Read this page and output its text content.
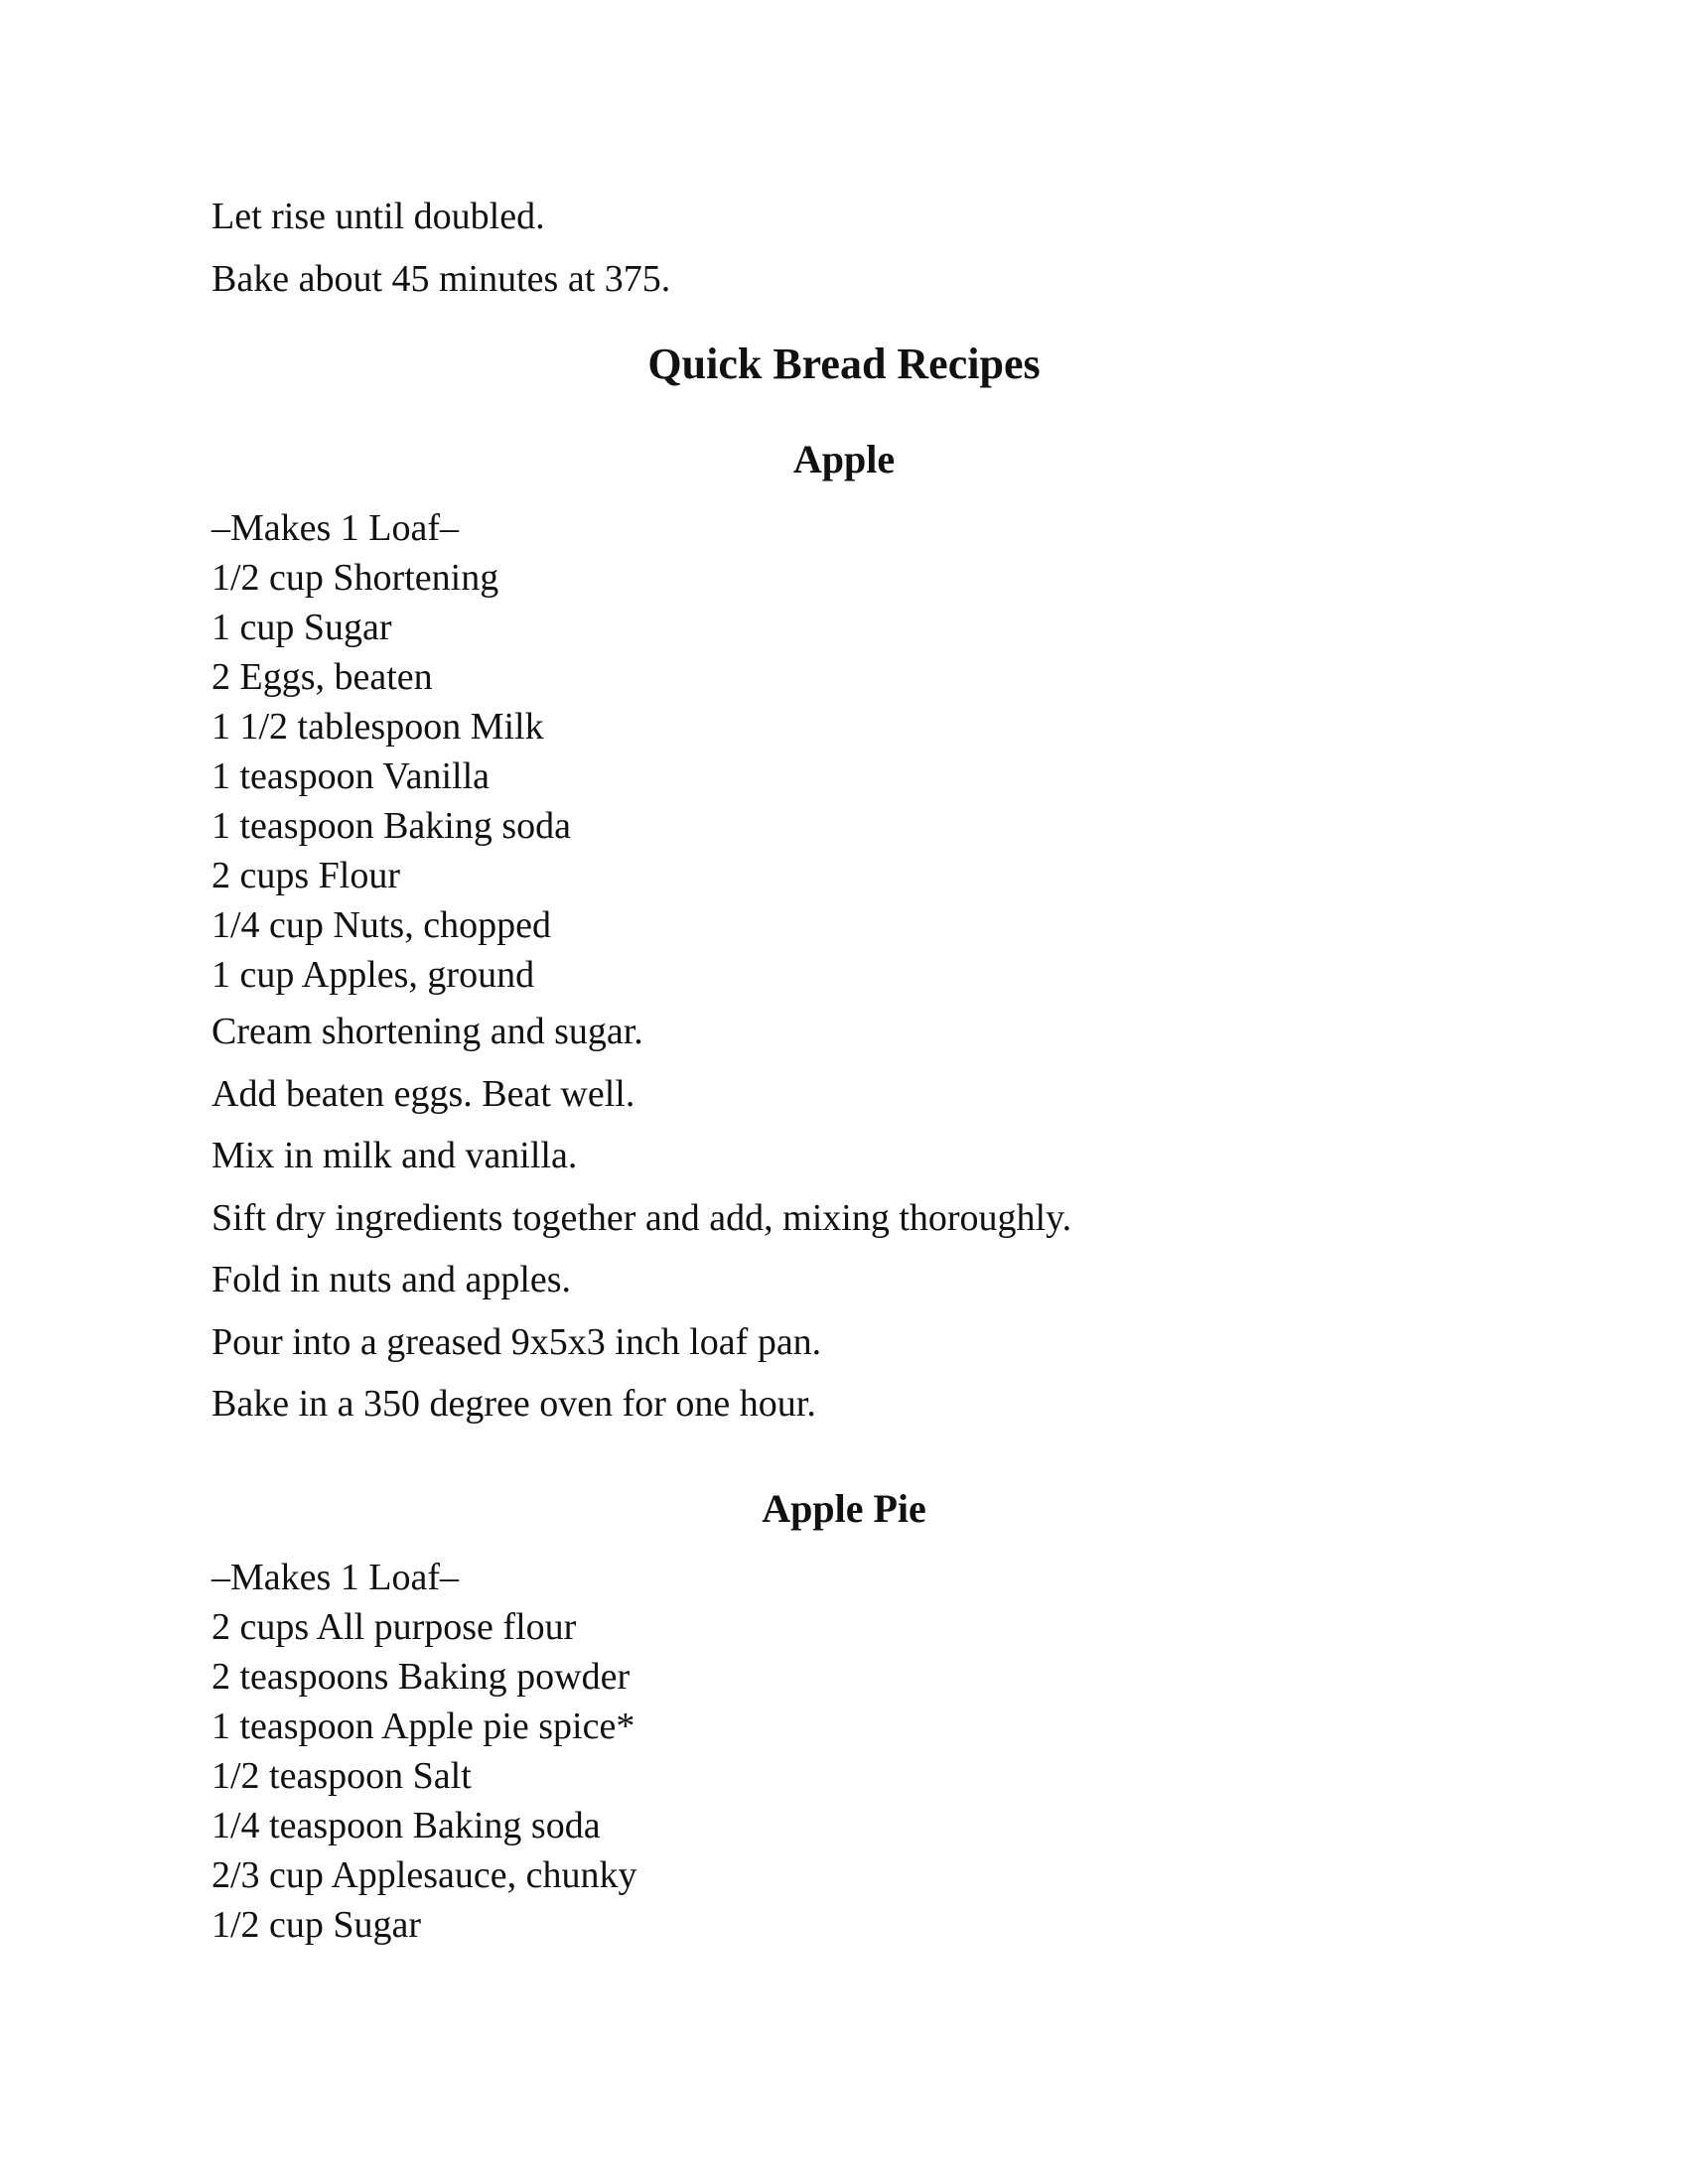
Let rise until doubled.

Bake about 45 minutes at 375.

Quick Bread Recipes
Apple
–Makes 1 Loaf–
1/2 cup Shortening
1 cup Sugar
2 Eggs, beaten
1 1/2 tablespoon Milk
1 teaspoon Vanilla
1 teaspoon Baking soda
2 cups Flour
1/4 cup Nuts, chopped
1 cup Apples, ground

Cream shortening and sugar.

Add beaten eggs. Beat well.

Mix in milk and vanilla.

Sift dry ingredients together and add, mixing thoroughly.

Fold in nuts and apples.

Pour into a greased 9x5x3 inch loaf pan.

Bake in a 350 degree oven for one hour.

Apple Pie
–Makes 1 Loaf–
2 cups All purpose flour
2 teaspoons Baking powder
1 teaspoon Apple pie spice*
1/2 teaspoon Salt
1/4 teaspoon Baking soda
2/3 cup Applesauce, chunky
1/2 cup Sugar
